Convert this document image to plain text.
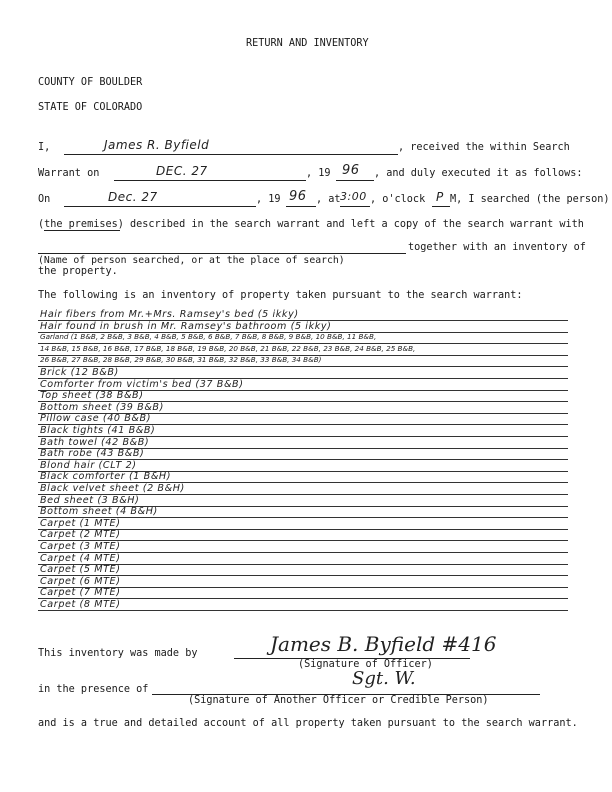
RETURN AND INVENTORY
COUNTY OF BOULDER
STATE OF COLORADO
I,	James R. Byfield	, received the within Search
Warrant on	DEC. 27	, 19 96 , and duly executed it as follows:
On	Dec. 27	, 19 96 , at 3:00 , o'clock P M, I searched (the person)
(the premises) described in the search warrant and left a copy of the search warrant with
together with an inventory of
(Name of person searched, or at the place of search)
the property.
The following is an inventory of property taken pursuant to the search warrant:
Hair fibers from Mr.+Mrs. Ramsey's bed (5 ikky)
Hair found in brush in Mr. Ramsey's bathroom (5 ikky)
Garland (1 B&B, 2 B&B, 3 B&B, 4 B&B, 5 B&B, 6 B&B, 7 B&B, 8 B&B, 9 B&B, 10 B&B, 11 B&B,
14 B&B, 15 B&B, 16 B&B, 17 B&B, 18 B&B, 19 B&B, 20 B&B, 21 B&B, 22 B&B, 23 B&B, 24 B&B, 25 B&B,
26 B&B, 27 B&B, 28 B&B, 29 B&B, 30 B&B, 31 B&B, 32 B&B, 33 B&B, 34 B&B)
Brick (12 B&B)
Comforter from victim's bed (37 B&B)
Top sheet (38 B&B)
Bottom sheet (39 B&B)
Pillow case (40 B&B)
Black tights (41 B&B)
Bath towel (42 B&B)
Bath robe (43 B&B)
Blond hair (CLT 2)
Black comforter (1 B&H)
Black velvet sheet (2 B&H)
Bed sheet (3 B&H)
Bottom sheet (4 B&H)
Carpet (1 MTE)
Carpet (2 MTE)
Carpet (3 MTE)
Carpet (4 MTE)
Carpet (5 MTE)
Carpet (6 MTE)
Carpet (7 MTE)
Carpet (8 MTE)
This inventory was made by	James B. Byfield #416
(Signature of Officer)
in the presence of
Sgt. W.
(Signature of Another Officer or Credible Person)
and is a true and detailed account of all property taken pursuant to the search warrant.
